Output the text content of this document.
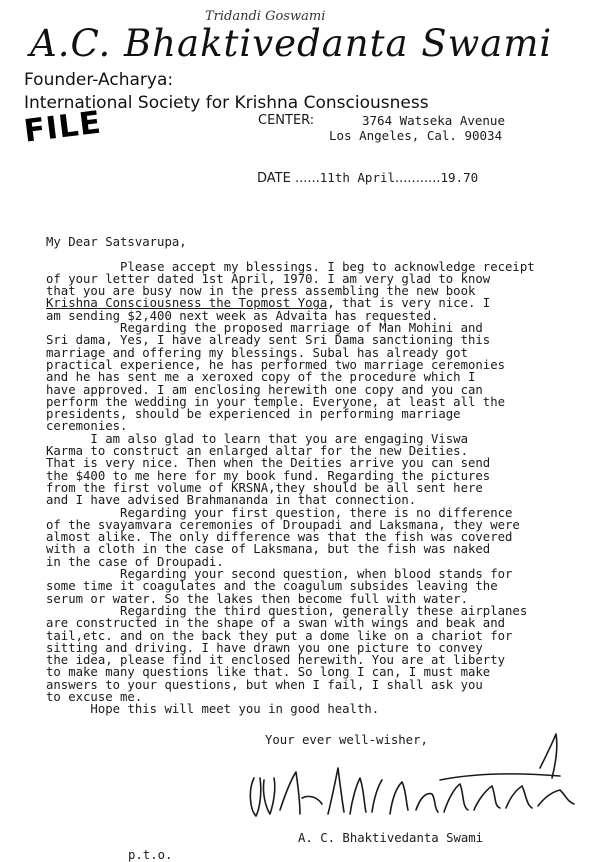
Tridandi Goswami
A.C. Bhaktivedanta Swami
Founder-Acharya:
International Society for Krishna Consciousness
FILE	CENTER:	3764 Watseka Avenue
Los Angeles, Cal. 90034
DATE ......11th April...........19.70
My Dear Satsvarupa,
Please accept my blessings. I beg to acknowledge receipt
of your letter dated 1st April, 1970. I am very glad to know
that you are busy now in the press assembling the new book
Krishna Consciousness the Topmost Yoga, that is very nice. I
am sending $2,400 next week as Advaita has requested.
Regarding the proposed marriage of Man Mohini and
Sri dama, Yes, I have already sent Sri Dama sanctioning this
marriage and offering my blessings. Subal has already got
practical experience, he has performed two marriage ceremonies
and he has sent me a xeroxed copy of the procedure which I
have approved. I am enclosing herewith one copy and you can
perform the wedding in your temple. Everyone, at least all the
presidents, should be experienced in performing marriage
ceremonies.
I am also glad to learn that you are engaging Viswa
Karma to construct an enlarged altar for the new Deities.
That is very nice. Then when the Deities arrive you can send
the $400 to me here for my book fund. Regarding the pictures
from the first volume of KRSNA,they should be all sent here
and I have advised Brahmananda in that connection.
Regarding your first question, there is no difference
of the svayamvara ceremonies of Droupadi and Laksmana, they were
almost alike. The only difference was that the fish was covered
with a cloth in the case of Laksmana, but the fish was naked
in the case of Droupadi.
Regarding your second question, when blood stands for
some time it coagulates and the coagulum subsides leaving the
serum or water. So the lakes then become full with water.
Regarding the third question, generally these airplanes
are constructed in the shape of a swan with wings and beak and
tail,etc. and on the back they put a dome like on a chariot for
sitting and driving. I have drawn you one picture to convey
the idea, please find it enclosed herewith. You are at liberty
to make many questions like that. So long I can, I must make
answers to your questions, but when I fail, I shall ask you
to excuse me.
Hope this will meet you in good health.
Your ever well-wisher,
A. C. Bhaktivedanta Swami
p.t.o.
